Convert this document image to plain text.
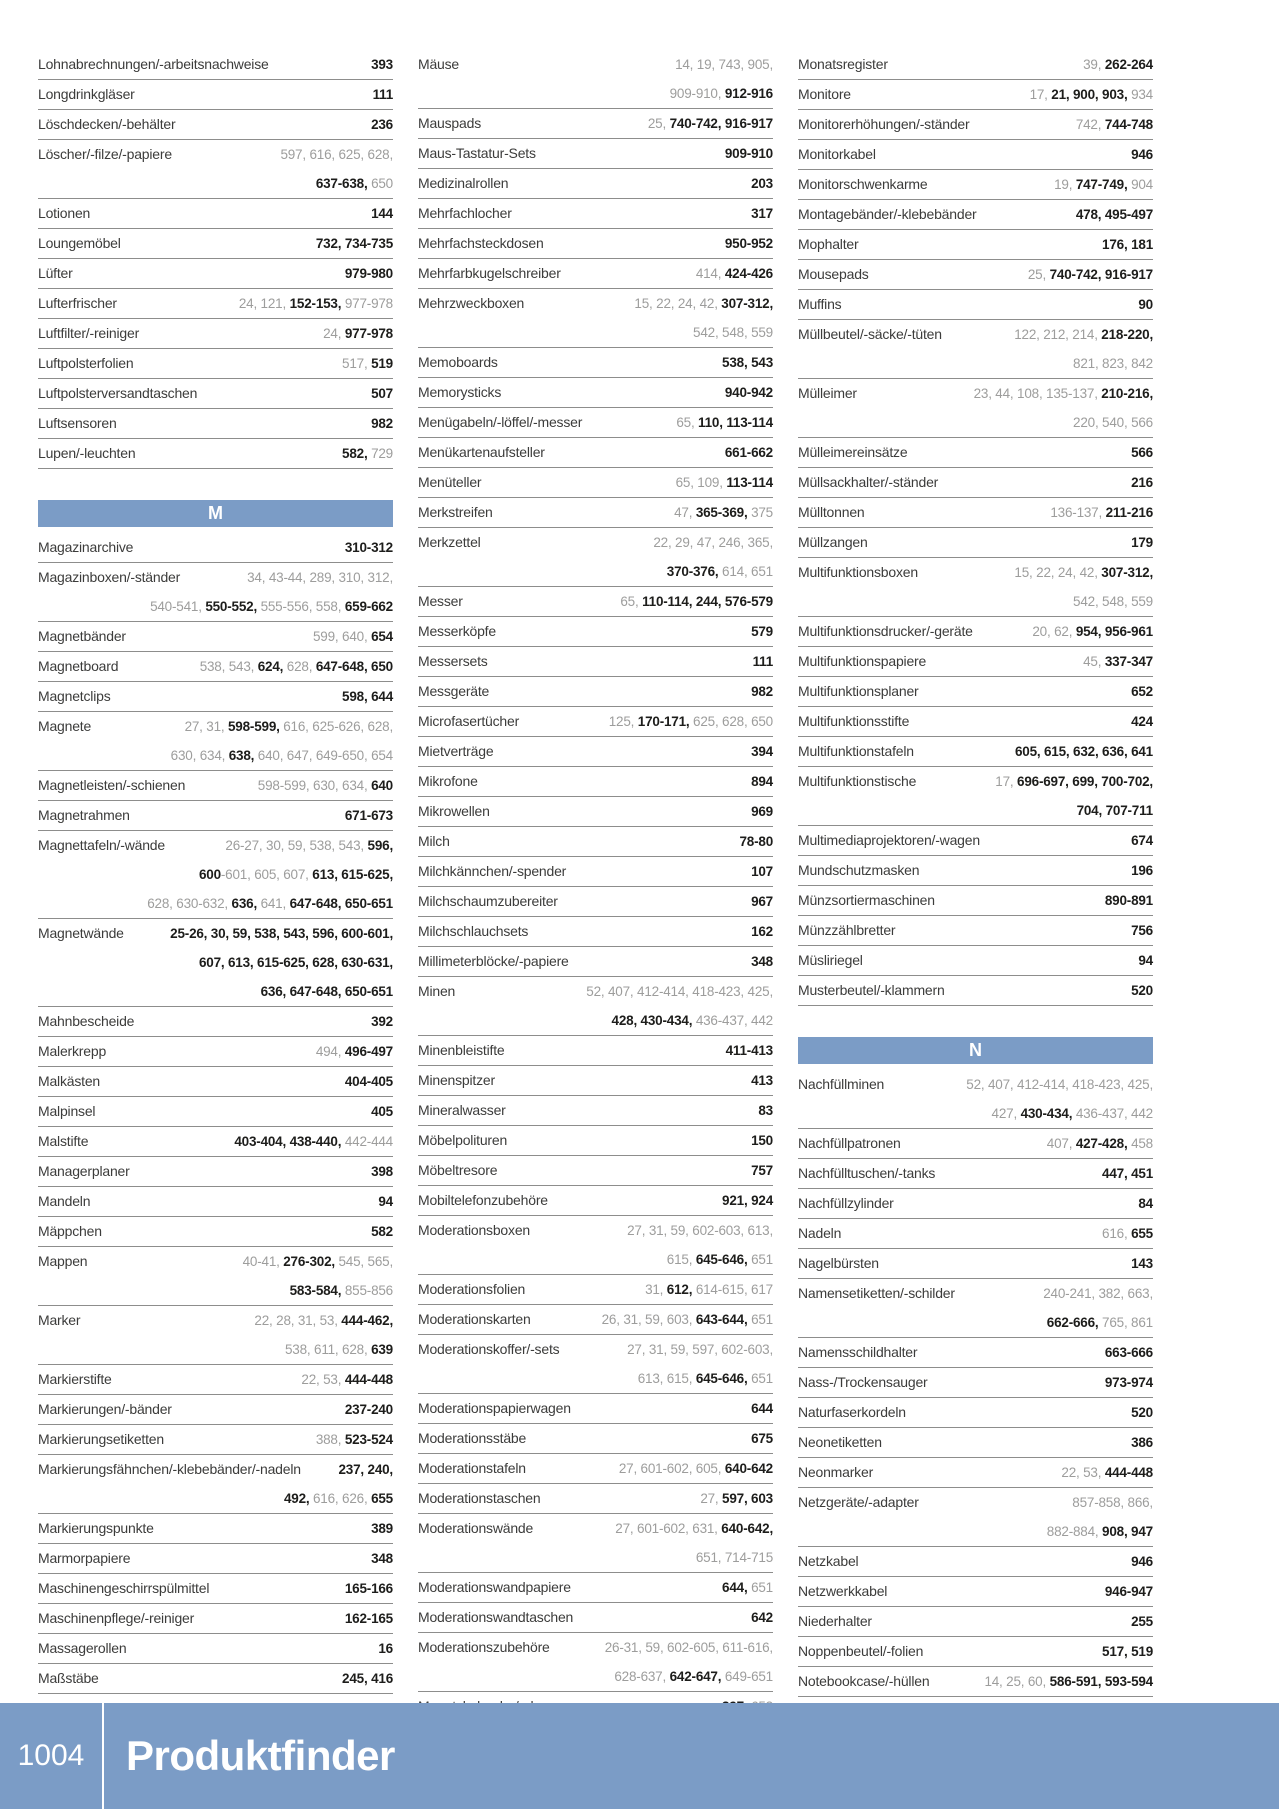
Lohnabrechnungen/-arbeitsnachweise	393
Longdrinkgläser	111
Löschdecken/-behälter	236
Löscher/-filze/-papiere	597, 616, 625, 628,
637-638, 650
Lotionen	144
Loungemöbel	732, 734-735
Lüfter	979-980
Lufterfrischer	24, 121, 152-153, 977-978
Luftfilter/-reiniger	24, 977-978
Luftpolsterfolien	517, 519
Luftpolsterversandtaschen	507
Luftsensoren	982
Lupen/-leuchten	582, 729
M
Magazinarchive	310-312
Magazinboxen/-ständer	34, 43-44, 289, 310, 312,
540-541, 550-552, 555-556, 558, 659-662
Magnetbänder	599, 640, 654
Magnetboard	538, 543, 624, 628, 647-648, 650
Magnetclips	598, 644
Magnete	27, 31, 598-599, 616, 625-626, 628,
630, 634, 638, 640, 647, 649-650, 654
Magnetleisten/-schienen	598-599, 630, 634, 640
Magnetrahmen	671-673
Magnettafeln/-wände	26-27, 30, 59, 538, 543, 596,
600-601, 605, 607, 613, 615-625,
628, 630-632, 636, 641, 647-648, 650-651
Magnetwände	25-26, 30, 59, 538, 543, 596, 600-601,
607, 613, 615-625, 628, 630-631,
636, 647-648, 650-651
Mahnbescheide	392
Malerkrepp	494, 496-497
Malkästen	404-405
Malpinsel	405
Malstifte	403-404, 438-440, 442-444
Managerplaner	398
Mandeln	94
Mäppchen	582
Mappen	40-41, 276-302, 545, 565,
583-584, 855-856
Marker	22, 28, 31, 53, 444-462,
538, 611, 628, 639
Markierstifte	22, 53, 444-448
Markierungen/-bänder	237-240
Markierungsetiketten	388, 523-524
Markierungsfähnchen/-klebebänder/-nadeln	237, 240,
492, 616, 626, 655
Markierungspunkte	389
Marmorpapiere	348
Maschinengeschirrspülmittel	165-166
Maschinenpflege/-reiniger	162-165
Massagerollen	16
Maßstäbe	245, 416
Mäuse	14, 19, 743, 905,
909-910, 912-916
Mauspads	25, 740-742, 916-917
Maus-Tastatur-Sets	909-910
Medizinalrollen	203
Mehrfachlocher	317
Mehrfachsteckdosen	950-952
Mehrfarbkugelschreiber	414, 424-426
Mehrzweckboxen	15, 22, 24, 42, 307-312,
542, 548, 559
Memoboards	538, 543
Memorysticks	940-942
Menügabeln/-löffel/-messer	65, 110, 113-114
Menükartenaufsteller	661-662
Menüteller	65, 109, 113-114
Merkstreifen	47, 365-369, 375
Merkzettel	22, 29, 47, 246, 365,
370-376, 614, 651
Messer	65, 110-114, 244, 576-579
Messerköpfe	579
Messersets	111
Messgeräte	982
Microfasertücher	125, 170-171, 625, 628, 650
Mietverträge	394
Mikrofone	894
Mikrowellen	969
Milch	78-80
Milchkännchen/-spender	107
Milchschaumzubereiter	967
Milchschlauchsets	162
Millimeterblöcke/-papiere	348
Minen	52, 407, 412-414, 418-423, 425,
428, 430-434, 436-437, 442
Minenbleistifte	411-413
Minenspitzer	413
Mineralwasser	83
Möbelpolituren	150
Möbeltresore	757
Mobiltelefonzubehöre	921, 924
Moderationsboxen	27, 31, 59, 602-603, 613,
615, 645-646, 651
Moderationsfolien	31, 612, 614-615, 617
Moderationskarten	26, 31, 59, 603, 643-644, 651
Moderationskoffer/-sets	27, 31, 59, 597, 602-603,
613, 615, 645-646, 651
Moderationspapierwagen	644
Moderationsstäbe	675
Moderationstafeln	27, 601-602, 605, 640-642
Moderationstaschen	27, 597, 603
Moderationswände	27, 601-602, 631, 640-642,
651, 714-715
Moderationswandpapiere	644, 651
Moderationswandtaschen	642
Moderationszubehöre	26-31, 59, 602-605, 611-616,
628-637, 642-647, 649-651
Monatsregister	39, 262-264
Monitore	17, 21, 900, 903, 934
Monitorerhöhungen/-ständer	742, 744-748
Monitorkabel	946
Monitorschwenkarme	19, 747-749, 904
Montagebänder/-klebebänder	478, 495-497
Mophalter	176, 181
Mousepads	25, 740-742, 916-917
Muffins	90
Müllbeutel/-säcke/-tüten	122, 212, 214, 218-220,
821, 823, 842
Mülleimer	23, 44, 108, 135-137, 210-216,
220, 540, 566
Mülleimereinsätze	566
Müllsackhalter/-ständer	216
Mülltonnen	136-137, 211-216
Müllzangen	179
Multifunktionsboxen	15, 22, 24, 42, 307-312,
542, 548, 559
Multifunktionsdrucker/-geräte	20, 62, 954, 956-961
Multifunktionspapiere	45, 337-347
Multifunktionsplaner	652
Multifunktionsstifte	424
Multifunktionstafeln	605, 615, 632, 636, 641
Multifunktionstische	17, 696-697, 699, 700-702,
704, 707-711
Multimediaprojektoren/-wagen	674
Mundschutzmasken	196
Münzsortiermaschinen	890-891
Münzzählbretter	756
Müsliriegel	94
Musterbeutel/-klammern	520
N
Nachfüllminen	52, 407, 412-414, 418-423, 425,
427, 430-434, 436-437, 442
Nachfüllpatronen	407, 427-428, 458
Nachfülltuschen/-tanks	447, 451
Nachfüllzylinder	84
Nadeln	616, 655
Nagelbürsten	143
Namensetiketten/-schilder	240-241, 382, 663,
662-666, 765, 861
Namensschildhalter	663-666
Nass-/Trockensauger	973-974
Naturfaserkordeln	520
Neonetiketten	386
Neonmarker	22, 53, 444-448
Netzgeräte/-adapter	857-858, 866,
882-884, 908, 947
Netzkabel	946
Netzwerkkabel	946-947
Niederhalter	255
Noppenbeutel/-folien	517, 519
Notebookcase/-hüllen	14, 25, 60, 586-591, 593-594
1004 Produktfinder
